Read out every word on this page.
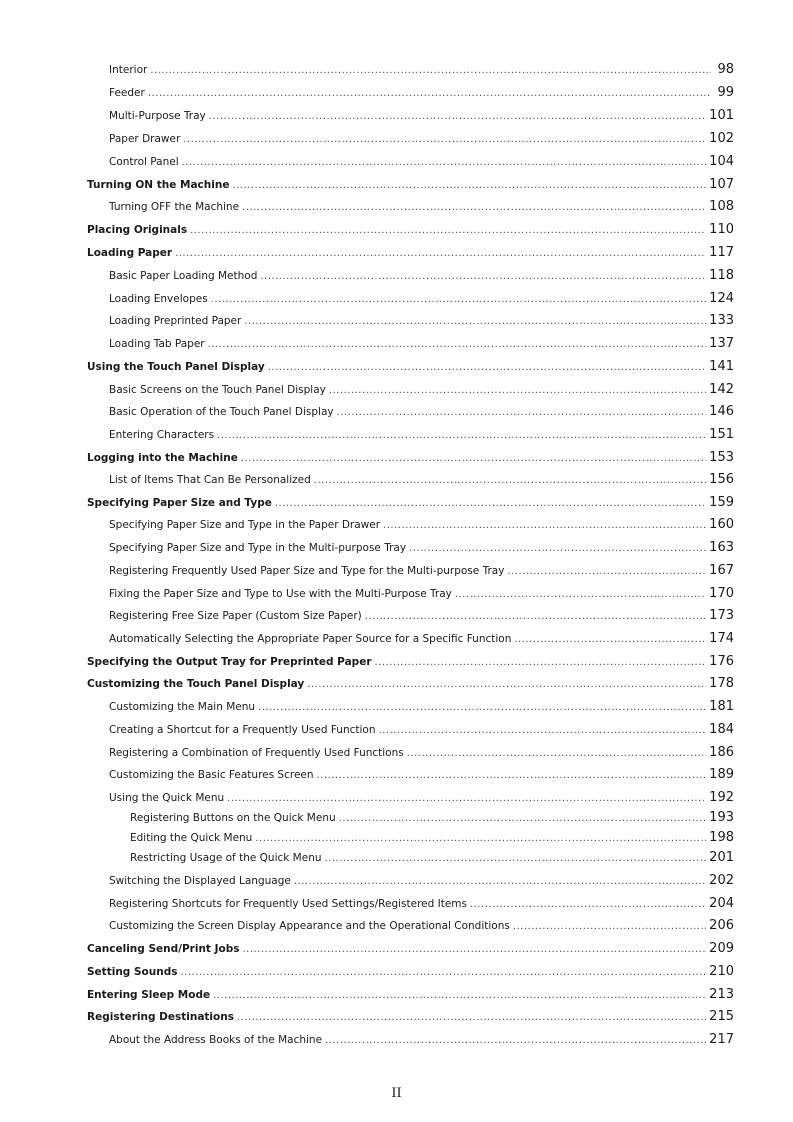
Interior .....	98
Feeder .....	99
Multi-Purpose Tray .....	101
Paper Drawer .....	102
Control Panel .....	104
Turning ON the Machine .....	107
Turning OFF the Machine .....	108
Placing Originals .....	110
Loading Paper .....	117
Basic Paper Loading Method .....	118
Loading Envelopes .....	124
Loading Preprinted Paper .....	133
Loading Tab Paper .....	137
Using the Touch Panel Display .....	141
Basic Screens on the Touch Panel Display .....	142
Basic Operation of the Touch Panel Display .....	146
Entering Characters .....	151
Logging into the Machine .....	153
List of Items That Can Be Personalized .....	156
Specifying Paper Size and Type .....	159
Specifying Paper Size and Type in the Paper Drawer .....	160
Specifying Paper Size and Type in the Multi-purpose Tray .....	163
Registering Frequently Used Paper Size and Type for the Multi-purpose Tray .....	167
Fixing the Paper Size and Type to Use with the Multi-Purpose Tray .....	170
Registering Free Size Paper (Custom Size Paper) .....	173
Automatically Selecting the Appropriate Paper Source for a Specific Function .....	174
Specifying the Output Tray for Preprinted Paper .....	176
Customizing the Touch Panel Display .....	178
Customizing the Main Menu .....	181
Creating a Shortcut for a Frequently Used Function .....	184
Registering a Combination of Frequently Used Functions .....	186
Customizing the Basic Features Screen .....	189
Using the Quick Menu .....	192
Registering Buttons on the Quick Menu .....	193
Editing the Quick Menu .....	198
Restricting Usage of the Quick Menu .....	201
Switching the Displayed Language .....	202
Registering Shortcuts for Frequently Used Settings/Registered Items .....	204
Customizing the Screen Display Appearance and the Operational Conditions .....	206
Canceling Send/Print Jobs .....	209
Setting Sounds .....	210
Entering Sleep Mode .....	213
Registering Destinations .....	215
About the Address Books of the Machine .....	217
II
